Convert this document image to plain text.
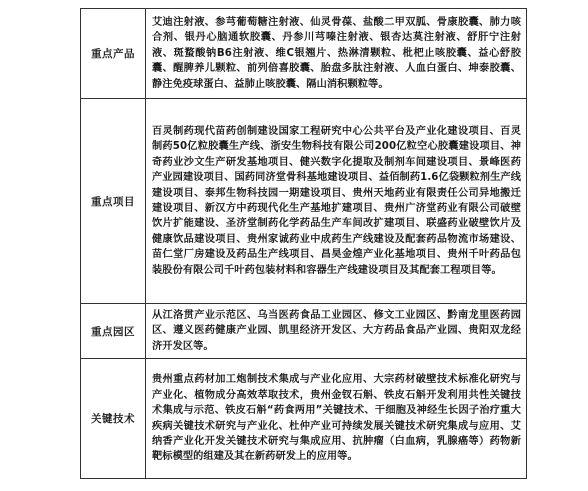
重点产品	艾迪注射液、参芎葡萄糖注射液、仙灵骨葆、盐酸二甲双胍、骨康胶囊、肺力咳合剂、银丹心脑通软胶囊、丹参川芎嗪注射液、银杏达莫注射液、舒肝宁注射液、斑蝥酸钠B6注射液、维C银翘片、热淋清颗粒、枇杷止咳胶囊、益心舒胶囊、醒脾养儿颗粒、前列倍喜胶囊、胎盘多肽注射液、人血白蛋白、坤泰胶囊、静注免疫球蛋白、益肺止咳胶囊、隔山消积颗粒等。
重点项目	百灵制药现代苗药创制建设国家工程研究中心公共平台及产业化建设项目、百灵制药50亿粒胶囊生产线、浙安生物科技有限公司200亿粒空心胶囊建设项目、神奇药业沙文生产研发基地项目、健兴数字化提取及制剂车间建设项目、景峰医药产业园建设项目、国药同济堂骨科基地建设项目、益佰制药1.6亿袋颗粒剂生产线建设项目、泰邦生物科技园一期建设项目、贵州天地药业有限责任公司异地搬迁建设项目、新汉方中药现代化生产基地扩建项目、贵州广济堂药业有限公司破壁饮片扩能建设、圣济堂制药化学药品生产车间改扩建项目、联盛药业破壁饮片及健康饮品建设项目、贵州家诚药业中成药生产线建设及配套药品物流市场建设、苗仁堂厂房建设及药品生产线项目、昌昊金煌产业化基地项目、贵州千叶药品包装股份有限公司千叶药包装材料和容器生产线建设项目及其配套工程项目等。
重点园区	从江洛贯产业示范区、乌当医药食品工业园区、修文工业园区、黔南龙里医药园区、遵义医药健康产业园、凯里经济开发区、大方药品食品产业园、贵阳双龙经济开发区等。
关键技术	贵州重点药材加工炮制技术集成与产业化应用、大宗药材破壁技术标准化研究与产业化、植物成分高效萃取技术，贵州金钗石斛、铁皮石斛开发利用共性关键技术集成与示范、铁皮石斛“药食两用”关键技术、干细胞及神经生长因子治疗重大疾病关键技术研究与产业化、杜仲产业可持续发展关键技术研究集成与应用、艾纳香产业化开发关键技术研究与集成应用、抗肿瘤（白血病，乳腺癌等）药物新靶标模型的组建及其在新药研发上的应用等。
